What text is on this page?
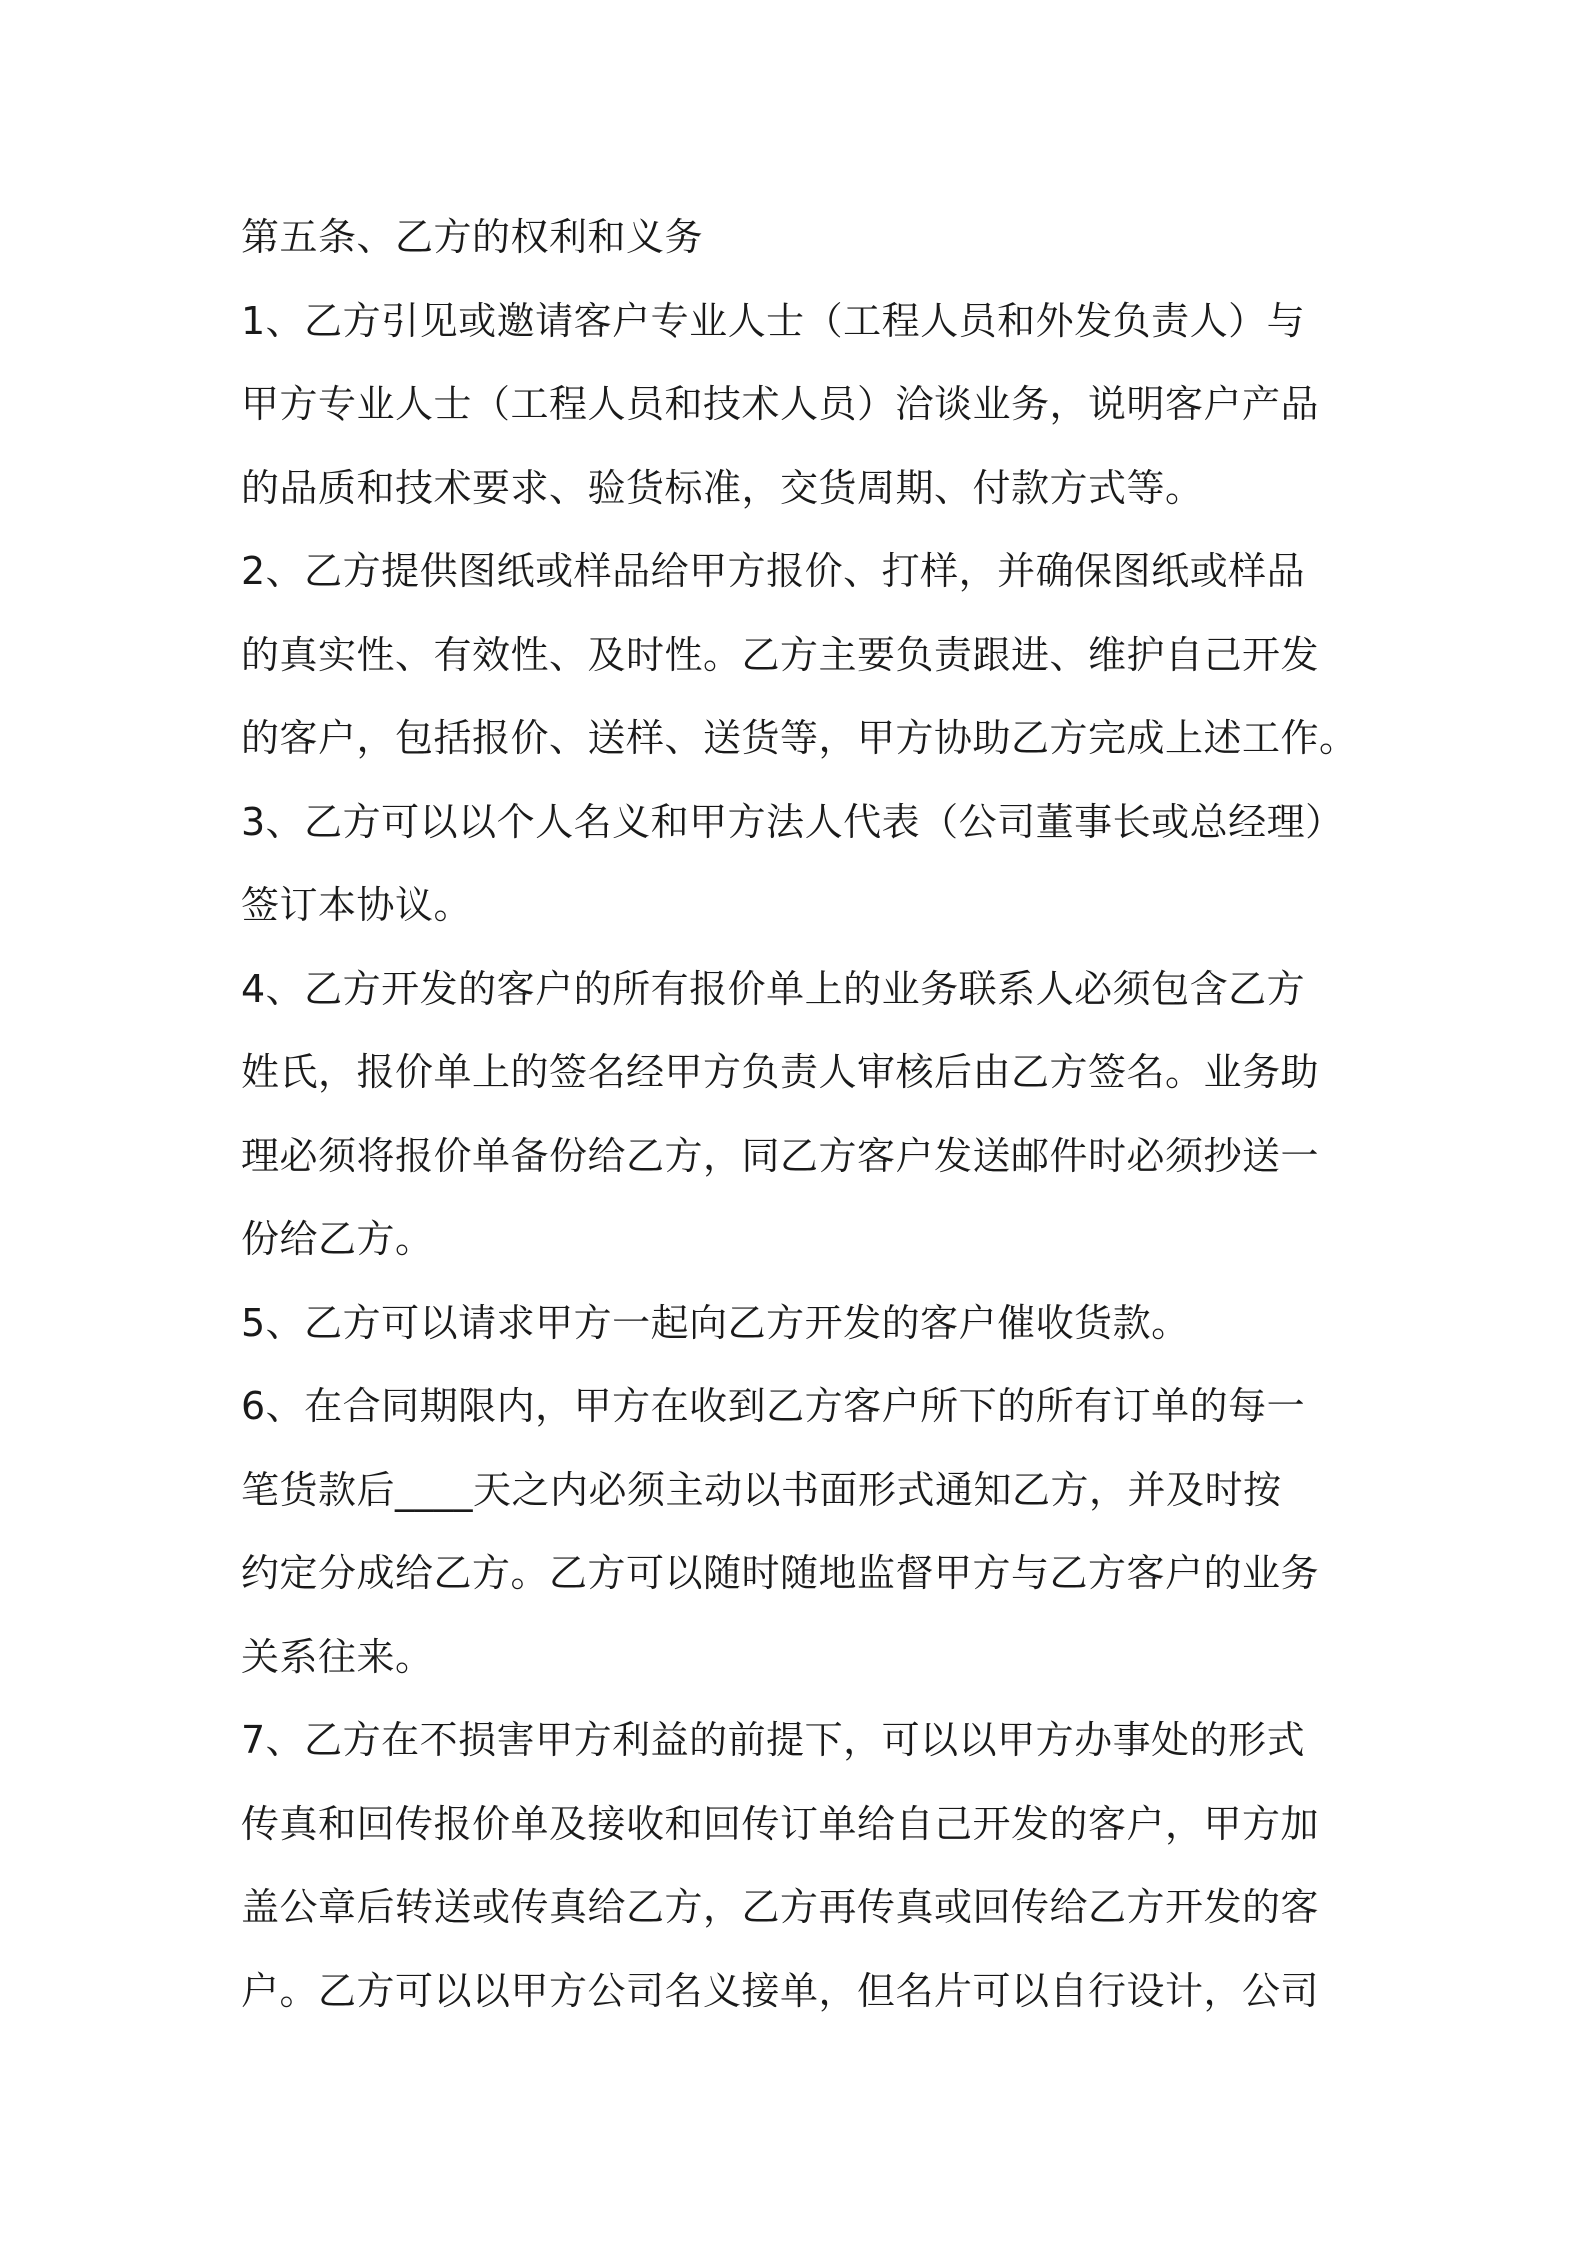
第五条、乙方的权利和义务
1、乙方引见或邀请客户专业人士（工程人员和外发负责人）与
甲方专业人士（工程人员和技术人员）洽谈业务，说明客户产品
的品质和技术要求、验货标准，交货周期、付款方式等。
2、乙方提供图纸或样品给甲方报价、打样，并确保图纸或样品
的真实性、有效性、及时性。乙方主要负责跟进、维护自己开发
的客户，包括报价、送样、送货等，甲方协助乙方完成上述工作。
3、乙方可以以个人名义和甲方法人代表（公司董事长或总经理）
签订本协议。
4、乙方开发的客户的所有报价单上的业务联系人必须包含乙方
姓氏，报价单上的签名经甲方负责人审核后由乙方签名。业务助
理必须将报价单备份给乙方，同乙方客户发送邮件时必须抄送一
份给乙方。
5、乙方可以请求甲方一起向乙方开发的客户催收货款。
6、在合同期限内，甲方在收到乙方客户所下的所有订单的每一
笔货款后____天之内必须主动以书面形式通知乙方，并及时按
约定分成给乙方。乙方可以随时随地监督甲方与乙方客户的业务
关系往来。
7、乙方在不损害甲方利益的前提下，可以以甲方办事处的形式
传真和回传报价单及接收和回传订单给自己开发的客户，甲方加
盖公章后转送或传真给乙方，乙方再传真或回传给乙方开发的客
户。乙方可以以甲方公司名义接单，但名片可以自行设计，公司
